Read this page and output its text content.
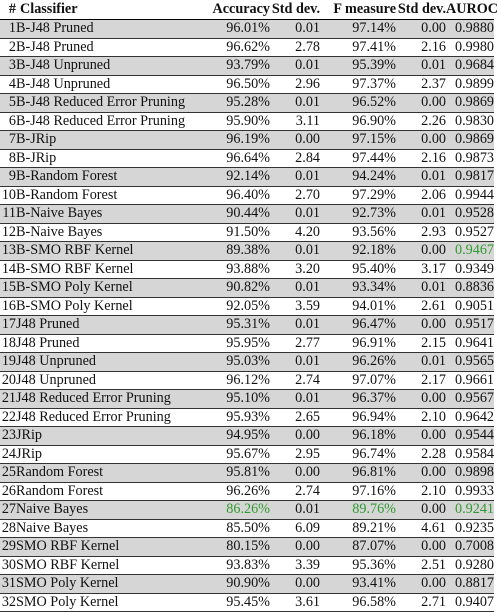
#	Classifier	Accuracy	Std dev.	F measure	Std dev.	AUROC
1	B-J48 Pruned	96.01%	0.01	97.14%	0.00	0.9880
2	B-J48 Pruned	96.62%	2.78	97.41%	2.16	0.9980
3	B-J48 Unpruned	93.79%	0.01	95.39%	0.01	0.9684
4	B-J48 Unpruned	96.50%	2.96	97.37%	2.37	0.9899
5	B-J48 Reduced Error Pruning	95.28%	0.01	96.52%	0.00	0.9869
6	B-J48 Reduced Error Pruning	95.90%	3.11	96.90%	2.26	0.9830
7	B-JRip	96.19%	0.00	97.15%	0.00	0.9869
8	B-JRip	96.64%	2.84	97.44%	2.16	0.9873
9	B-Random Forest	92.14%	0.01	94.24%	0.01	0.9817
10	B-Random Forest	96.40%	2.70	97.29%	2.06	0.9944
11	B-Naive Bayes	90.44%	0.01	92.73%	0.01	0.9528
12	B-Naive Bayes	91.50%	4.20	93.56%	2.93	0.9527
13	B-SMO RBF Kernel	89.38%	0.01	92.18%	0.00	0.9467
14	B-SMO RBF Kernel	93.88%	3.20	95.40%	3.17	0.9349
15	B-SMO Poly Kernel	90.82%	0.01	93.34%	0.01	0.8836
16	B-SMO Poly Kernel	92.05%	3.59	94.01%	2.61	0.9051
17	J48 Pruned	95.31%	0.01	96.47%	0.00	0.9517
18	J48 Pruned	95.95%	2.77	96.91%	2.15	0.9641
19	J48 Unpruned	95.03%	0.01	96.26%	0.01	0.9565
20	J48 Unpruned	96.12%	2.74	97.07%	2.17	0.9661
21	J48 Reduced Error Pruning	95.10%	0.01	96.37%	0.00	0.9567
22	J48 Reduced Error Pruning	95.93%	2.65	96.94%	2.10	0.9642
23	JRip	94.95%	0.00	96.18%	0.00	0.9544
24	JRip	95.67%	2.95	96.74%	2.28	0.9584
25	Random Forest	95.81%	0.00	96.81%	0.00	0.9898
26	Random Forest	96.26%	2.74	97.16%	2.10	0.9933
27	Naive Bayes	86.26%	0.01	89.76%	0.00	0.9241
28	Naive Bayes	85.50%	6.09	89.21%	4.61	0.9235
29	SMO RBF Kernel	80.15%	0.00	87.07%	0.00	0.7008
30	SMO RBF Kernel	93.83%	3.39	95.36%	2.51	0.9280
31	SMO Poly Kernel	90.90%	0.00	93.41%	0.00	0.8817
32	SMO Poly Kernel	95.45%	3.61	96.58%	2.71	0.9407
